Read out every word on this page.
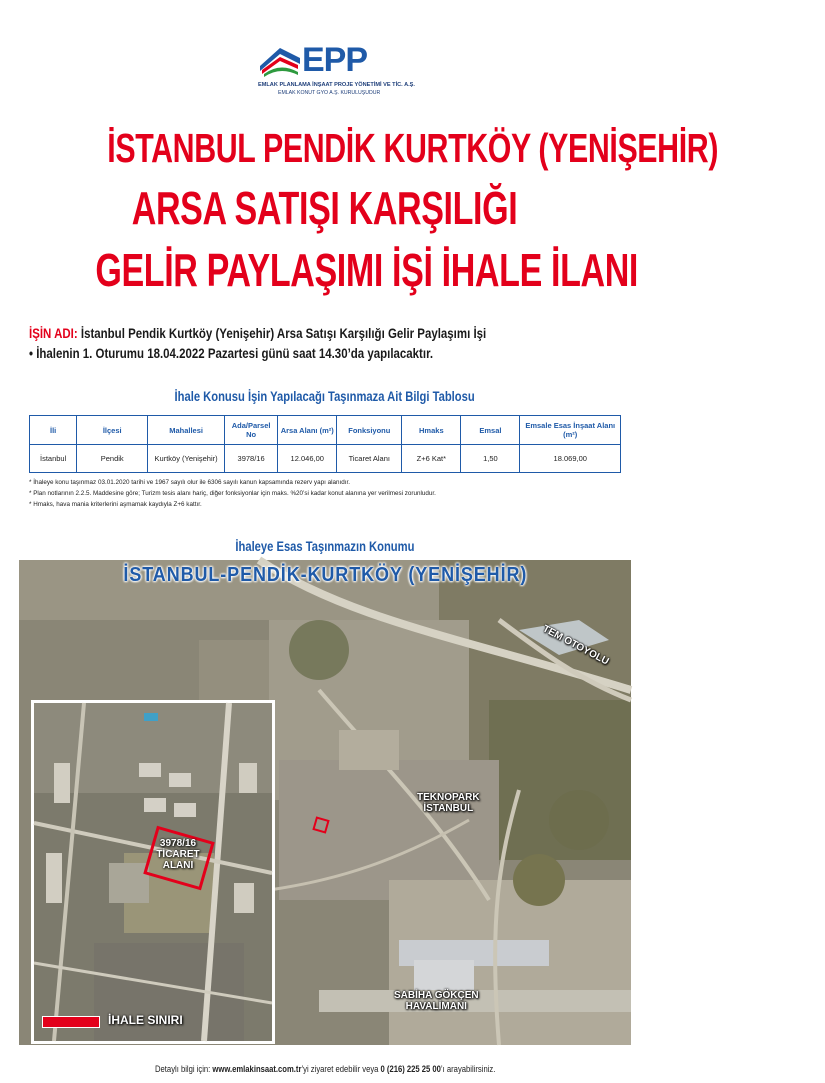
EPP
EMLAK PLANLAMA İNŞAAT PROJE YÖNETİMİ VE TİC. A.Ş.
EMLAK KONUT GYO A.Ş. KURULUŞUDUR
İSTANBUL PENDİK KURTKÖY (YENİŞEHİR)
ARSA SATIŞI KARŞILIĞI
GELİR PAYLAŞIMI İŞİ İHALE İLANI
İŞİN ADI: İstanbul Pendik Kurtköy (Yenişehir) Arsa Satışı Karşılığı Gelir Paylaşımı İşi
• İhalenin 1. Oturumu 18.04.2022 Pazartesi günü saat 14.30’da yapılacaktır.
İhale Konusu İşin Yapılacağı Taşınmaza Ait Bilgi Tablosu
İli	İlçesi	Mahallesi	Ada/Parsel No	Arsa Alanı (m²)	Fonksiyonu	Hmaks	Emsal	Emsale Esas İnşaat Alanı (m²)
İstanbul	Pendik	Kurtköy (Yenişehir)	3978/16	12.046,00	Ticaret Alanı	Z+6 Kat*	1,50	18.069,00
* İhaleye konu taşınmaz 03.01.2020 tarihi ve 1967 sayılı olur ile 6306 sayılı kanun kapsamında rezerv yapı alanıdır.
* Plan notlarının 2.2.5. Maddesine göre; Turizm tesis alanı hariç, diğer fonksiyonlar için maks. %20’si kadar konut alanına yer verilmesi zorunludur.
* Hmaks, hava mania kriterlerini aşmamak kaydıyla Z+6 kattır.
İhaleye Esas Taşınmazın Konumu
İSTANBUL-PENDİK-KURTKÖY (YENİŞEHİR)
TEM OTOYOLU
TEKNOPARK
İSTANBUL
SABİHA GÖKÇEN
HAVALİMANI
3978/16
TİCARET
ALANI
İHALE SINIRI
Detaylı bilgi için: www.emlakinsaat.com.tr’yi ziyaret edebilir veya 0 (216) 225 25 00’ı arayabilirsiniz.
